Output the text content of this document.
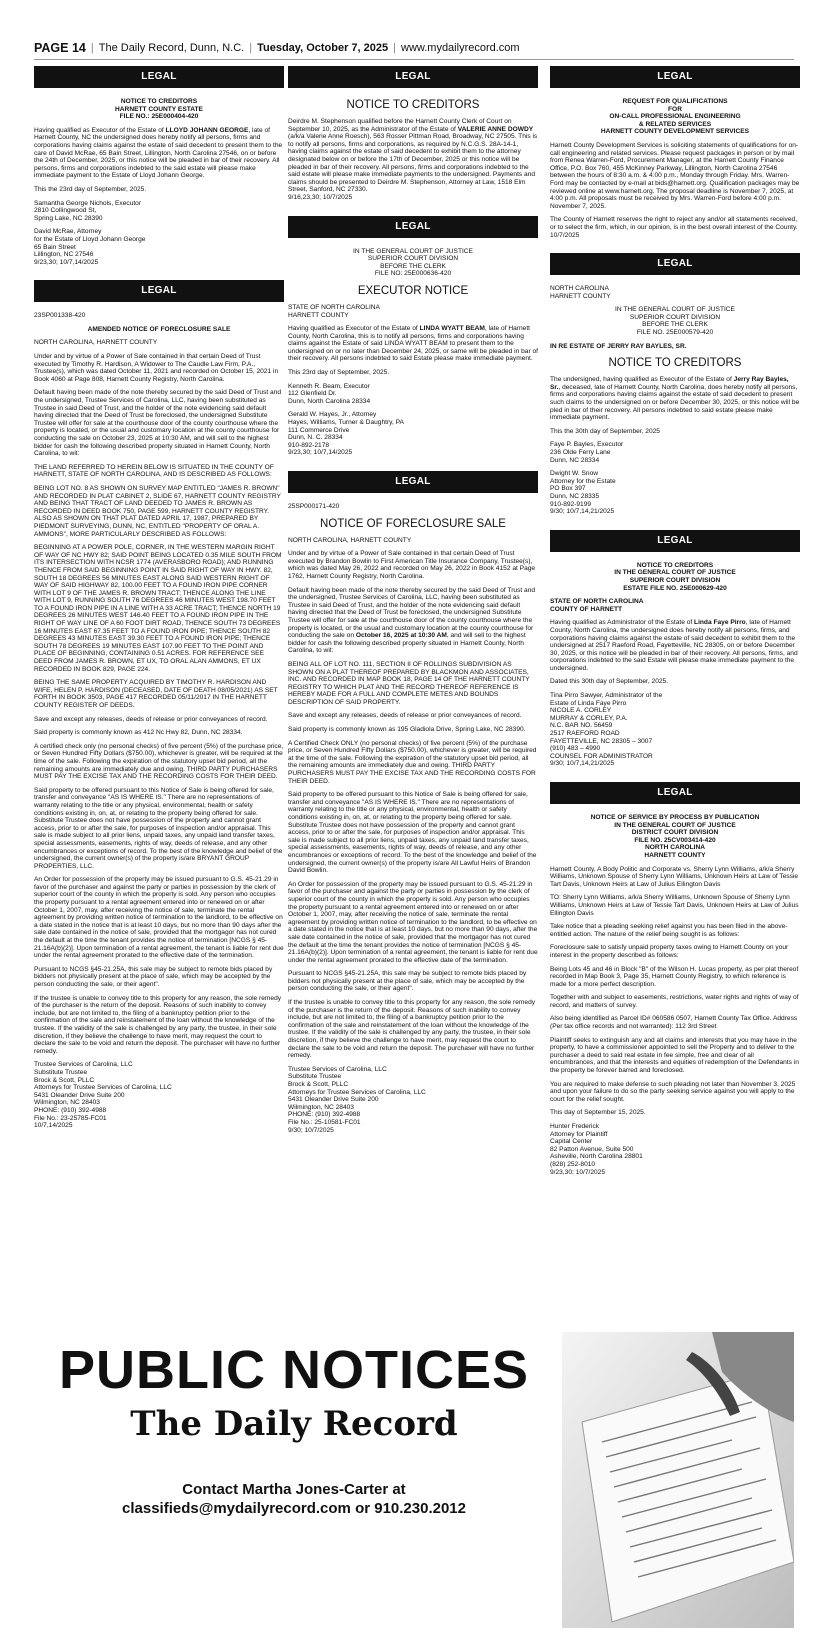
PAGE 14 | The Daily Record, Dunn, N.C. | Tuesday, October 7, 2025 | www.mydailyrecord.com
LEGAL

NOTICE TO CREDITORS
HARNETT COUNTY ESTATE
FILE NO.: 25E000404-420

Having qualified as Executor of the Estate of LLOYD JOHANN GEORGE, late of Harnett County, NC the undersigned does hereby notify all persons, firms and corporations having claims against the estate of said decedent to present them to the care of David McRae, 65 Bain Street, Lillington, North Carolina 27546, on or before the 24th of December, 2025, or this notice will be pleaded in bar of their recovery. All persons, firms and corporations indebted to the said estate will please make immediate payment to the Estate of Lloyd Johann George.

This the 23rd day of September, 2025.

Samantha George Nichols, Executor
2810 Collingwood St,
Spring Lake, NC 28390
David McRae, Attorney
for the Estate of Lloyd Johann George
65 Bain Street
Lillington, NC 27546
9/23,30; 10/7,14/2025
LEGAL

23SP001338-420

AMENDED NOTICE OF FORECLOSURE SALE

NORTH CAROLINA, HARNETT COUNTY

Under and by virtue of a Power of Sale contained in that certain Deed of Trust executed by Timothy R. Hardison, A Widower to The Caudle Law Firm, P.A., Trustee(s), which was dated October 11, 2021 and recorded on October 15, 2021 in Book 4060 at Page 808, Harnett County Registry, North Carolina.

Default having been made of the note thereby secured by the said Deed of Trust and the undersigned, Trustee Services of Carolina, LLC, having been substituted as Trustee in said Deed of Trust, and the holder of the note evidencing said default having directed that the Deed of Trust be foreclosed, the undersigned Substitute Trustee will offer for sale at the courthouse door of the county courthouse where the property is located, or the usual and customary location at the county courthouse for conducting the sale on October 23, 2025 at 10:30 AM, and will sell to the highest bidder for cash the following described property situated in Harnett County, North Carolina, to wit:

THE LAND REFERRED TO HEREIN BELOW IS SITUATED IN THE COUNTY OF HARNETT, STATE OF NORTH CAROLINA, AND IS DESCRIBED AS FOLLOWS:

BEING LOT NO. 8 AS SHOWN ON SURVEY MAP ENTITLED "JAMES R. BROWN" AND RECORDED IN PLAT CABINET 2, SLIDE 67, HARNETT COUNTY REGISTRY AND BEING THAT TRACT OF LAND DEEDED TO JAMES R. BROWN AS RECORDED IN DEED BOOK 750, PAGE 599, HARNETT COUNTY REGISTRY. ALSO AS SHOWN ON THAT PLAT DATED APRIL 17, 1987, PREPARED BY PIEDMONT SURVEYING, DUNN, NC, ENTITLED "PROPERTY OF ORAL A. AMMONS", MORE PARTICULARLY DESCRIBED AS FOLLOWS:

BEGINNING AT A POWER POLE, CORNER, IN THE WESTERN MARGIN RIGHT OF WAY OF NC HWY 82; SAID POINT BEING LOCATED 0.35 MILE SOUTH FROM ITS INTERSECTION WITH NCSR 1774 (AVERASBORO ROAD); AND RUNNING THENCE FROM SAID BEGINNING POINT IN SAID RIGHT OF WAY IN HWY. 82, SOUTH 18 DEGREES 56 MINUTES EAST ALONG SAID WESTERN RIGHT OF WAY OF SAID HIGHWAY 82, 100.00 FEET TO A FOUND IRON PIPE CORNER WITH LOT 9 OF THE JAMES R. BROWN TRACT; THENCE ALONG THE LINE WITH LOT 9, RUNNING SOUTH 76 DEGREES 46 MINUTES WEST 198.70 FEET TO A FOUND IRON PIPE IN A LINE WITH A 33 ACRE TRACT; THENCE NORTH 19 DEGREES 26 MINUTES WEST 146.40 FEET TO A FOUND IRON PIPE IN THE RIGHT OF WAY LINE OF A 60 FOOT DIRT ROAD, THENCE SOUTH 73 DEGREES 16 MINUTES EAST 67.35 FEET TO A FOUND IRON PIPE; THENCE SOUTH 82 DEGREES 43 MINUTES EAST 39.30 FEET TO A FOUND IRON PIPE; THENCE SOUTH 78 DEGREES 19 MINUTES EAST 107.90 FEET TO THE POINT AND PLACE OF BEGINNING, CONTAINING 0.51 ACRES. FOR REFERENCE SEE DEED FROM JAMES R. BROWN, ET UX, TO ORAL ALAN AMMONS, ET UX RECORDED IN BOOK 829, PAGE 224.

BEING THE SAME PROPERTY ACQUIRED BY TIMOTHY R. HARDISON AND WIFE, HELEN P. HARDISON (DECEASED, DATE OF DEATH 08/05/2021) AS SET FORTH IN BOOK 3503, PAGE 417 RECORDED 05/11/2017 IN THE HARNETT COUNTY REGISTER OF DEEDS.

Save and except any releases, deeds of release or prior conveyances of record.

Said property is commonly known as 412 Nc Hwy 82, Dunn, NC 28334.

A certified check only (no personal checks) of five percent (5%) of the purchase price, or Seven Hundred Fifty Dollars ($750.00), whichever is greater, will be required at the time of the sale. Following the expiration of the statutory upset bid period, all the remaining amounts are immediately due and owing. THIRD PARTY PURCHASERS MUST PAY THE EXCISE TAX AND THE RECORDING COSTS FOR THEIR DEED.

Said property to be offered pursuant to this Notice of Sale is being offered for sale, transfer and conveyance "AS IS WHERE IS." There are no representations of warranty relating to the title or any physical, environmental, health or safety conditions existing in, on, at, or relating to the property being offered for sale. Substitute Trustee does not have possession of the property and cannot grant access, prior to or after the sale, for purposes of inspection and/or appraisal. This sale is made subject to all prior liens, unpaid taxes, any unpaid land transfer taxes, special assessments, easements, rights of way, deeds of release, and any other encumbrances or exceptions of record. To the best of the knowledge and belief of the undersigned, the current owner(s) of the property is/are BRYANT GROUP PROPERTIES, LLC.

An Order for possession of the property may be issued pursuant to G.S. 45-21.29 in favor of the purchaser and against the party or parties in possession by the clerk of superior court of the county in which the property is sold. Any person who occupies the property pursuant to a rental agreement entered into or renewed on or after October 1, 2007, may, after receiving the notice of sale, terminate the rental agreement by providing written notice of termination to the landlord, to be effective on a date stated in the notice that is at least 10 days, but no more than 90 days after the sale date contained in the notice of sale, provided that the mortgagor has not cured the default at the time the tenant provides the notice of termination [NCGS § 45-21.16A(b)(2)]. Upon termination of a rental agreement, the tenant is liable for rent due under the rental agreement prorated to the effective date of the termination.

Pursuant to NCGS §45-21.25A, this sale may be subject to remote bids placed by bidders not physically present at the place of sale, which may be accepted by the person conducting the sale, or their agent".

If the trustee is unable to convey title to this property for any reason, the sole remedy of the purchaser is the return of the deposit. Reasons of such inability to convey include, but are not limited to, the filing of a bankruptcy petition prior to the confirmation of the sale and reinstatement of the loan without the knowledge of the trustee. If the validity of the sale is challenged by any party, the trustee, in their sole discretion, if they believe the challenge to have merit, may request the court to declare the sale to be void and return the deposit. The purchaser will have no further remedy.

Trustee Services of Carolina, LLC
Substitute Trustee
Brock & Scott, PLLC
Attorneys for Trustee Services of Carolina, LLC
5431 Oleander Drive Suite 200
Wilmington, NC 28403
PHONE: (910) 392-4988
File No.: 23-25785-FC01
10/7,14/2025
LEGAL
NOTICE TO CREDITORS

Deirdre M. Stephenson qualified before the Harnett County Clerk of Court on September 10, 2025, as the Administrator of the Estate of VALERIE ANNE DOWDY (a/k/a Valerie Anne Roesch), 563 Rosser Pittman Road, Broadway, NC 27505. This is to notify all persons, firms and corporations, as required by N.C.G.S. 28A-14-1, having claims against the estate of said decedent to exhibit them to the attorney designated below on or before the 17th of December, 2025 or this notice will be pleaded in bar of their recovery. All persons, firms and corporations indebted to the said estate will please make immediate payments to the undersigned. Payments and claims should be presented to Deirdre M. Stephenson, Attorney at Law, 1518 Elm Street, Sanford, NC 27330.
9/16,23,30; 10/7/2025

LEGAL

IN THE GENERAL COURT OF JUSTICE
SUPERIOR COURT DIVISION
BEFORE THE CLERK
FILE NO: 25E000636-420

EXECUTOR NOTICE

STATE OF NORTH CAROLINA
HARNETT COUNTY

Having qualified as Executor of the Estate of LINDA WYATT BEAM, late of Harnett County, North Carolina, this is to notify all persons, firms and corporations having claims against the Estate of said LINDA WYATT BEAM to present them to the undersigned on or no later than December 24, 2025, or same will be pleaded in bar of their recovery. All persons indebted to said Estate please make immediate payment.

This 23rd day of September, 2025.

Kenneth R. Beam, Executor
112 Glenfield Dr.
Dunn, North Carolina 28334
Gerald W. Hayes, Jr., Attorney
Hayes, Williams, Turner & Daughtry, PA
111 Commerce Drive
Dunn, N. C. 28334
910-892-2178
9/23,30; 10/7,14/2025
LEGAL

25SP000171-420

NOTICE OF FORECLOSURE SALE

NORTH CAROLINA, HARNETT COUNTY

Under and by virtue of a Power of Sale contained in that certain Deed of Trust executed by Brandon Bowlin to First American Title Insurance Company, Trustee(s), which was dated May 26, 2022 and recorded on May 26, 2022 in Book 4152 at Page 1762, Harnett County Registry, North Carolina.

Default having been made of the note thereby secured by the said Deed of Trust and the undersigned, Trustee Services of Carolina, LLC, having been substituted as Trustee in said Deed of Trust, and the holder of the note evidencing said default having directed that the Deed of Trust be foreclosed, the undersigned Substitute Trustee will offer for sale at the courthouse door of the county courthouse where the property is located, or the usual and customary location at the county courthouse for conducting the sale on October 16, 2025 at 10:30 AM, and will sell to the highest bidder for cash the following described property situated in Harnett County, North Carolina, to wit:

BEING ALL OF LOT NO. 111, SECTION II OF ROLLINGS SUBDIVISION AS SHOWN ON A PLAT THEREOF PREPARED BY BLACKMON AND ASSOCIATES, INC. AND RECORDED IN MAP BOOK 18, PAGE 14 OF THE HARNETT COUNTY REGISTRY TO WHICH PLAT AND THE RECORD THEREOF REFERENCE IS HEREBY MADE FOR A FULL AND COMPLETE METES AND BOUNDS DESCRIPTION OF SAID PROPERTY.

Save and except any releases, deeds of release or prior conveyances of record.

Said property is commonly known as 195 Gladiola Drive, Spring Lake, NC 28390.

A Certified Check ONLY (no personal checks) of five percent (5%) of the purchase price, or Seven Hundred Fifty Dollars ($750.00), whichever is greater, will be required at the time of the sale. Following the expiration of the statutory upset bid period, all the remaining amounts are immediately due and owing. THIRD PARTY PURCHASERS MUST PAY THE EXCISE TAX AND THE RECORDING COSTS FOR THEIR DEED.

Said property to be offered pursuant to this Notice of Sale is being offered for sale, transfer and conveyance "AS IS WHERE IS." There are no representations of warranty relating to the title or any physical, environmental, health or safety conditions existing in, on, at, or relating to the property being offered for sale. Substitute Trustee does not have possession of the property and cannot grant access, prior to or after the sale, for purposes of inspection and/or appraisal. This sale is made subject to all prior liens, unpaid taxes, any unpaid land transfer taxes, special assessments, easements, rights of way, deeds of release, and any other encumbrances or exceptions of record. To the best of the knowledge and belief of the undersigned, the current owner(s) of the property is/are All Lawful Heirs of Brandon David Bowlin.

An Order for possession of the property may be issued pursuant to G.S. 45-21.29 in favor of the purchaser and against the party or parties in possession by the clerk of superior court of the county in which the property is sold. Any person who occupies the property pursuant to a rental agreement entered into or renewed on or after October 1, 2007, may, after receiving the notice of sale, terminate the rental agreement by providing written notice of termination to the landlord, to be effective on a date stated in the notice that is at least 10 days, but no more than 90 days, after the sale date contained in the notice of sale, provided that the mortgagor has not cured the default at the time the tenant provides the notice of termination [NCGS § 45-21.16A(b)(2)]. Upon termination of a rental agreement, the tenant is liable for rent due under the rental agreement prorated to the effective date of the termination.

Pursuant to NCGS §45-21.25A, this sale may be subject to remote bids placed by bidders not physically present at the place of sale, which may be accepted by the person conducting the sale, or their agent".

If the trustee is unable to convey title to this property for any reason, the sole remedy of the purchaser is the return of the deposit. Reasons of such inability to convey include, but are not limited to, the filing of a bankruptcy petition prior to the confirmation of the sale and reinstatement of the loan without the knowledge of the trustee. If the validity of the sale is challenged by any party, the trustee, in their sole discretion, if they believe the challenge to have merit, may request the court to declare the sale to be void and return the deposit. The purchaser will have no further remedy.

Trustee Services of Carolina, LLC
Substitute Trustee
Brock & Scott, PLLC
Attorneys for Trustee Services of Carolina, LLC
5431 Oleander Drive Suite 200
Wilmington, NC 28403
PHONE: (910) 392-4988
File No.: 25-10581-FC01
9/30; 10/7/2025
LEGAL

REQUEST FOR QUALIFICATIONS
FOR
ON-CALL PROFESSIONAL ENGINEERING
& RELATED SERVICES
HARNETT COUNTY DEVELOPMENT SERVICES

Harnett County Development Services is soliciting statements of qualifications for on-call engineering and related services. Please request packages in person or by mail from Renea Warren-Ford, Procurement Manager, at the Harnett County Finance Office, P.O. Box 760, 455 McKinney Parkway, Lillington, North Carolina 27546 between the hours of 8:30 a.m. & 4:00 p.m., Monday through Friday. Mrs. Warren-Ford may be contacted by e-mail at bids@harnett.org. Qualification packages may be reviewed online at www.harnett.org. The proposal deadline is November 7, 2025, at 4:00 p.m. All proposals must be received by Mrs. Warren-Ford before 4:00 p.m. November 7, 2025.

The County of Harnett reserves the right to reject any and/or all statements received, or to select the firm, which, in our opinion, is in the best overall interest of the County.
10/7/2025

LEGAL

NORTH CAROLINA
HARNETT COUNTY

IN THE GENERAL COURT OF JUSTICE
SUPERIOR COURT DIVISION
BEFORE THE CLERK
FILE NO. 25E000579-420

IN RE ESTATE OF JERRY RAY BAYLES, SR.

NOTICE TO CREDITORS

The undersigned, having qualified as Executor of the Estate of Jerry Ray Bayles, Sr., deceased, late of Harnett County, North Carolina, does hereby notify all persons, firms and corporations having claims against the estate of said decedent to present such claims to the undersigned on or before December 30, 2025, or this notice will be pled in bar of their recovery. All persons indebted to said estate please make immediate payment.

This the 30th day of September, 2025

Faye P. Bayles, Executor
236 Olde Ferry Lane
Dunn, NC 28334
Dwight W. Snow
Attorney for the Estate
PO Box 397
Dunn, NC 28335
910-892-9199
9/30; 10/7,14,21/2025
LEGAL

NOTICE TO CREDITORS
IN THE GENERAL COURT OF JUSTICE
SUPERIOR COURT DIVISION
ESTATE FILE NO. 25E000629-420

STATE OF NORTH CAROLINA
COUNTY OF HARNETT

Having qualified as Administrator of the Estate of Linda Faye Pirro, late of Harnett County, North Carolina, the undersigned does hereby notify all persons, firms, and corporations having claims against the estate of said decedent to exhibit them to the undersigned at 2517 Raeford Road, Fayetteville, NC 28305, on or before December 30, 2025, or this notice will be pleaded in bar of their recovery. All persons, firms, and corporations indebted to the said Estate will please make immediate payment to the undersigned.

Dated this 30th day of September, 2025.

Tina Pirro Sawyer, Administrator of the
Estate of Linda Faye Pirro
NICOLE A. CORLEY
MURRAY & CORLEY, P.A.
N.C. BAR NO. 56459
2517 RAEFORD ROAD
FAYETTEVILLE, NC 28305 – 3007
(910) 483 – 4990
COUNSEL FOR ADMINISTRATOR
9/30; 10/7,14,21/2025
LEGAL

NOTICE OF SERVICE BY PROCESS BY PUBLICATION
IN THE GENERAL COURT OF JUSTICE
DISTRICT COURT DIVISION
FILE NO. 25CV003414-420
NORTH CAROLINA
HARNETT COUNTY

Harnett County, A Body Politic and Corporate vs. Sherry Lynn Williams, a/k/a Sherry Williams, Unknown Spouse of Sherry Lynn Williams, Unknown Heirs at Law of Tessie Tart Davis, Unknown Heirs at Law of Julius Ellington Davis

TO: Sherry Lynn Williams, a/k/a Sherry Williams, Unknown Spouse of Sherry Lynn Williams, Unknown Heirs at Law of Tessie Tart Davis, Unknown Heirs at Law of Julius Ellington Davis

Take notice that a pleading seeking relief against you has been filed in the above-entitled action. The nature of the relief being sought is as follows:

Foreclosure sale to satisfy unpaid property taxes owing to Harnett County on your interest in the property described as follows:

Being Lots 45 and 46 in Block "B" of the Wilson H. Lucas property, as per plat thereof recorded in Map Book 3, Page 35, Harnett County Registry, to which reference is made for a more perfect description.

Together with and subject to easements, restrictions, water rights and rights of way of record, and matters of survey.

Also being identified as Parcel ID# 060586 0507, Harnett County Tax Office. Address (Per tax office records and not warranted): 112 3rd Street

Plaintiff seeks to extinguish any and all claims and interests that you may have in the property, to have a commissioner appointed to sell the Property and to deliver to the purchaser a deed to said real estate in fee simple, free and clear of all encumbrances, and that the interests and equities of redemption of the Defendants in the property be forever barred and foreclosed.

You are required to make defense to such pleading not later than November 3, 2025 and upon your failure to do so the party seeking service against you will apply to the court for the relief sought.

This day of September 15, 2025.

Hunter Frederick
Attorney for Plaintiff
Capital Center
82 Patton Avenue, Suite 500
Asheville, North Carolina 28801
(828) 252-8010
9/23,30; 10/7/2025
PUBLIC NOTICES
The Daily Record
Contact Martha Jones-Carter at
classifieds@mydailyrecord.com or 910.230.2012
